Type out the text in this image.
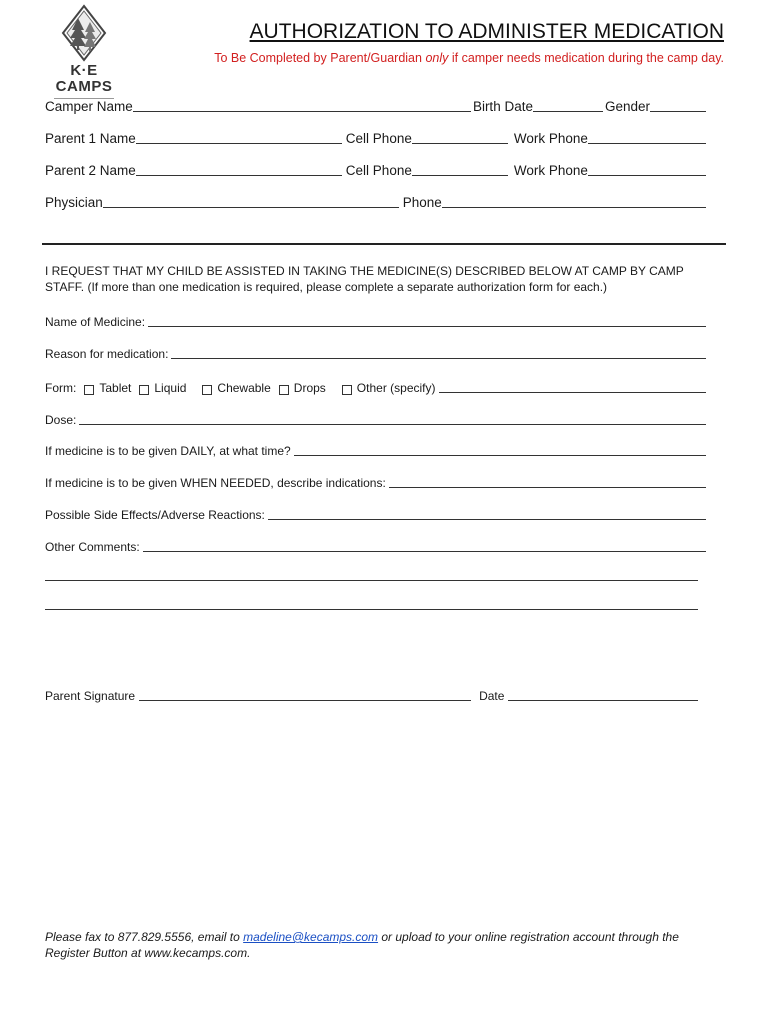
K·E CAMPS
AUTHORIZATION TO ADMINISTER MEDICATION
To Be Completed by Parent/Guardian only if camper needs medication during the camp day.
Camper Name	Birth Date	Gender
Parent 1 Name	Cell Phone	Work Phone
Parent 2 Name	Cell Phone	Work Phone
Physician	Phone
I REQUEST THAT MY CHILD BE ASSISTED IN TAKING THE MEDICINE(S) DESCRIBED BELOW AT CAMP BY CAMP STAFF. (If more than one medication is required, please complete a separate authorization form for each.)
Name of Medicine:
Reason for medication:
Form: Tablet Liquid	Chewable Drops	Other (specify)
Dose:
If medicine is to be given DAILY, at what time?
If medicine is to be given WHEN NEEDED, describe indications:
Possible Side Effects/Adverse Reactions:
Other Comments:
Parent Signature	Date
Please fax to 877.829.5556, email to madeline@kecamps.com or upload to your online registration account through the Register Button at www.kecamps.com.
